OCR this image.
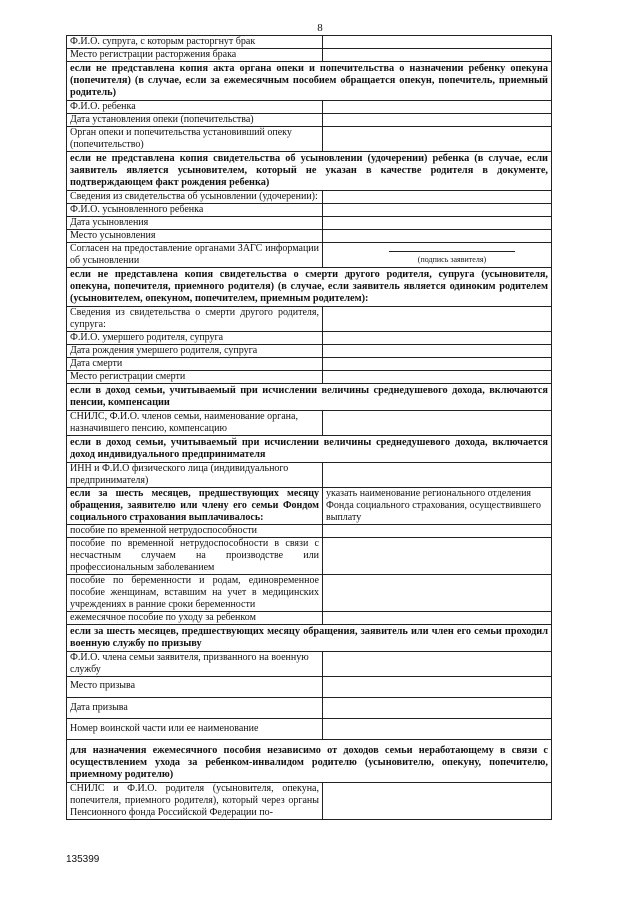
8
Ф.И.О. супруга, с которым расторгнут брак
Место регистрации расторжения брака
если не представлена копия акта органа опеки и попечительства о назначении ребенку опекуна (попечителя) (в случае, если за ежемесячным пособием обращается опекун, попечитель, приемный родитель)
Ф.И.О. ребенка
Дата установления опеки (попечительства)
Орган опеки и попечительства установивший опеку (попечительство)
если не представлена копия свидетельства об усыновлении (удочерении) ребенка (в случае, если заявитель является усыновителем, который не указан в качестве родителя в документе, подтверждающем факт рождения ребенка)
Сведения из свидетельства об усыновлении (удочерении):
Ф.И.О. усыновленного ребенка
Дата усыновления
Место усыновления
Согласен на предоставление органами ЗАГС информации об усыновлении	(подпись заявителя)
если не представлена копия свидетельства о смерти другого родителя, супруга (усыновителя, опекуна, попечителя, приемного родителя) (в случае, если заявитель является одиноким родителем (усыновителем, опекуном, попечителем, приемным родителем):
Сведения из свидетельства о смерти другого родителя, супруга:
Ф.И.О. умершего родителя, супруга
Дата рождения умершего родителя, супруга
Дата смерти
Место регистрации смерти
если в доход семьи, учитываемый при исчислении величины среднедушевого дохода, включаются пенсии, компенсации
СНИЛС, Ф.И.О. членов семьи, наименование органа, назначившего пенсию, компенсацию
если в доход семьи, учитываемый при исчислении величины среднедушевого дохода, включается доход индивидуального предпринимателя
ИНН и Ф.И.О физического лица (индивидуального предпринимателя)
если за шесть месяцев, предшествующих месяцу обращения, заявителю или члену его семьи Фондом социального страхования выплачивалось:
указать наименование регионального отделения Фонда социального страхования, осуществившего выплату
пособие по временной нетрудоспособности
пособие по временной нетрудоспособности в связи с несчастным случаем на производстве или профессиональным заболеванием
пособие по беременности и родам, единовременное пособие женщинам, вставшим на учет в медицинских учреждениях в ранние сроки беременности
ежемесячное пособие по уходу за ребенком
если за шесть месяцев, предшествующих месяцу обращения, заявитель или член его семьи проходил военную службу по призыву
Ф.И.О. члена семьи заявителя, призванного на военную службу
Место призыва
Дата призыва
Номер воинской части или ее наименование
для назначения ежемесячного пособия независимо от доходов семьи неработающему в связи с осуществлением ухода за ребенком-инвалидом родителю (усыновителю, опекуну, попечителю, приемному родителю)
СНИЛС и Ф.И.О. родителя (усыновителя, опекуна, попечителя, приемного родителя), который через органы Пенсионного фонда Российской Федерации по-
135399
